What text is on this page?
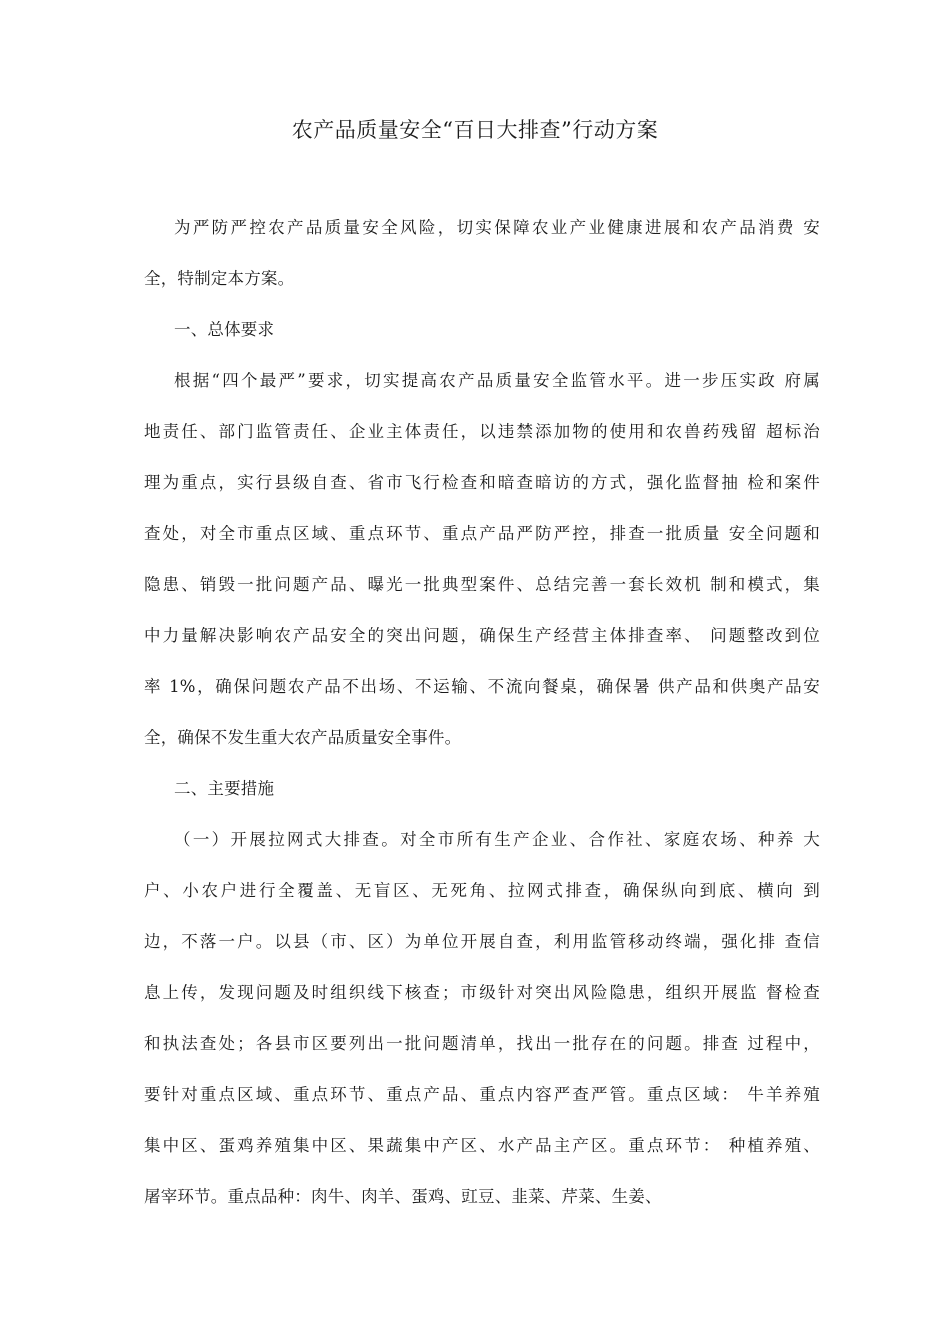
农产品质量安全“百日大排查”行动方案
为严防严控农产品质量安全风险，切实保障农业产业健康进展和农产品消费 安
全，特制定本方案。
一、总体要求
根据“四个最严”要求，切实提高农产品质量安全监管水平。进一步压实政 府属
地责任、部门监管责任、企业主体责任，以违禁添加物的使用和农兽药残留 超标治
理为重点，实行县级自查、省市飞行检查和暗查暗访的方式，强化监督抽 检和案件
查处，对全市重点区域、重点环节、重点产品严防严控，排查一批质量 安全问题和
隐患、销毁一批问题产品、曝光一批典型案件、总结完善一套长效机 制和模式，集
中力量解决影响农产品安全的突出问题，确保生产经营主体排查率、 问题整改到位
率 1%，确保问题农产品不出场、不运输、不流向餐桌，确保暑 供产品和供奥产品安
全，确保不发生重大农产品质量安全事件。
二、主要措施
（一）开展拉网式大排查。对全市所有生产企业、合作社、家庭农场、种养 大
户、小农户进行全覆盖、无盲区、无死角、拉网式排查，确保纵向到底、横向 到
边，不落一户。以县（市、区）为单位开展自查，利用监管移动终端，强化排 查信
息上传，发现问题及时组织线下核查；市级针对突出风险隐患，组织开展监 督检查
和执法查处；各县市区要列出一批问题清单，找出一批存在的问题。排查 过程中，
要针对重点区域、重点环节、重点产品、重点内容严查严管。重点区域： 牛羊养殖
集中区、蛋鸡养殖集中区、果蔬集中产区、水产品主产区。重点环节： 种植养殖、
屠宰环节。重点品种：肉牛、肉羊、蛋鸡、豇豆、韭菜、芹菜、生姜、
